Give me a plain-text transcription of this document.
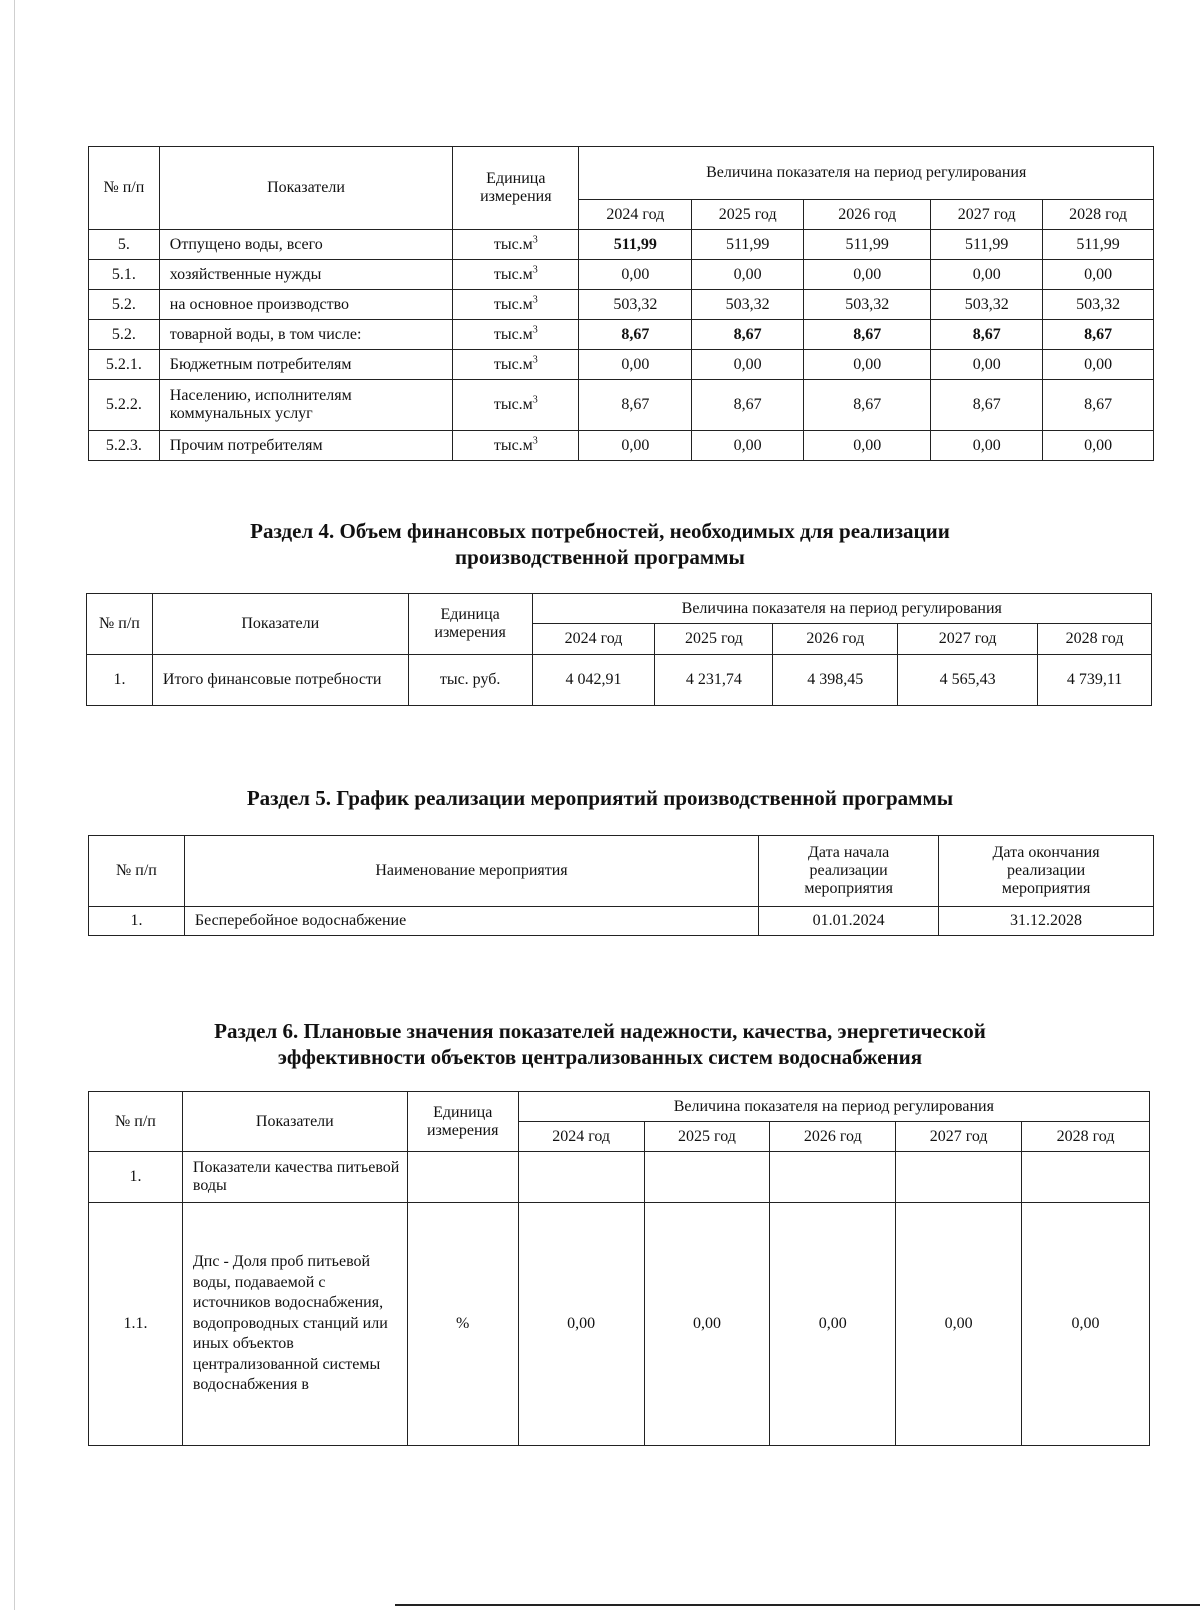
№ п/п	Показатели	Единица измерения	Величина показателя на период регулирования				
			2024 год	2025 год	2026 год	2027 год	2028 год
5.	Отпущено воды, всего	$тыс.м^3$	511,99	511,99	511,99	511,99	511,99
5.1.	хозяйственные нужды	$тыс.м^3$	0,00	0,00	0,00	0,00	0,00
5.2.	на основное производство	$тыс.м^3$	503,32	503,32	503,32	503,32	503,32
5.2.	товарной воды, в том числе:	$тыс.м^3$	8,67	8,67	8,67	8,67	8,67
5.2.1.	Бюджетным потребителям	$тыс.м^3$	0,00	0,00	0,00	0,00	0,00
5.2.2.	Населению, исполнителям коммунальных услуг	$тыс.м^3$	8,67	8,67	8,67	8,67	8,67
5.2.3.	Прочим потребителям	$тыс.м^3$	0,00	0,00	0,00	0,00	0,00
Раздел 4. Объем финансовых потребностей, необходимых для реализации производственной программы
№ п/п	Показатели	Единица измерения	Величина показателя на период регулирования				
			2024 год	2025 год	2026 год	2027 год	2028 год
1.	Итого финансовые потребности	тыс. руб.	4 042,91	4 231,74	4 398,45	4 565,43	4 739,11
Раздел 5. График реализации мероприятий производственной программы
№ п/п	Наименование мероприятия	Дата начала реализации мероприятия	Дата окончания реализации мероприятия
1.	Бесперебойное водоснабжение	01.01.2024	31.12.2028
Раздел 6. Плановые значения показателей надежности, качества, энергетической эффективности объектов централизованных систем водоснабжения
№ п/п	Показатели	Единица измерения	Величина показателя на период регулирования				
			2024 год	2025 год	2026 год	2027 год	2028 год
1.	Показатели качества питьевой воды						
1.1.	Дпс - Доля проб питьевой воды, подаваемой с источников водоснабжения, водопроводных станций или иных объектов централизованной системы водоснабжения в	%	0,00	0,00	0,00	0,00	0,00
